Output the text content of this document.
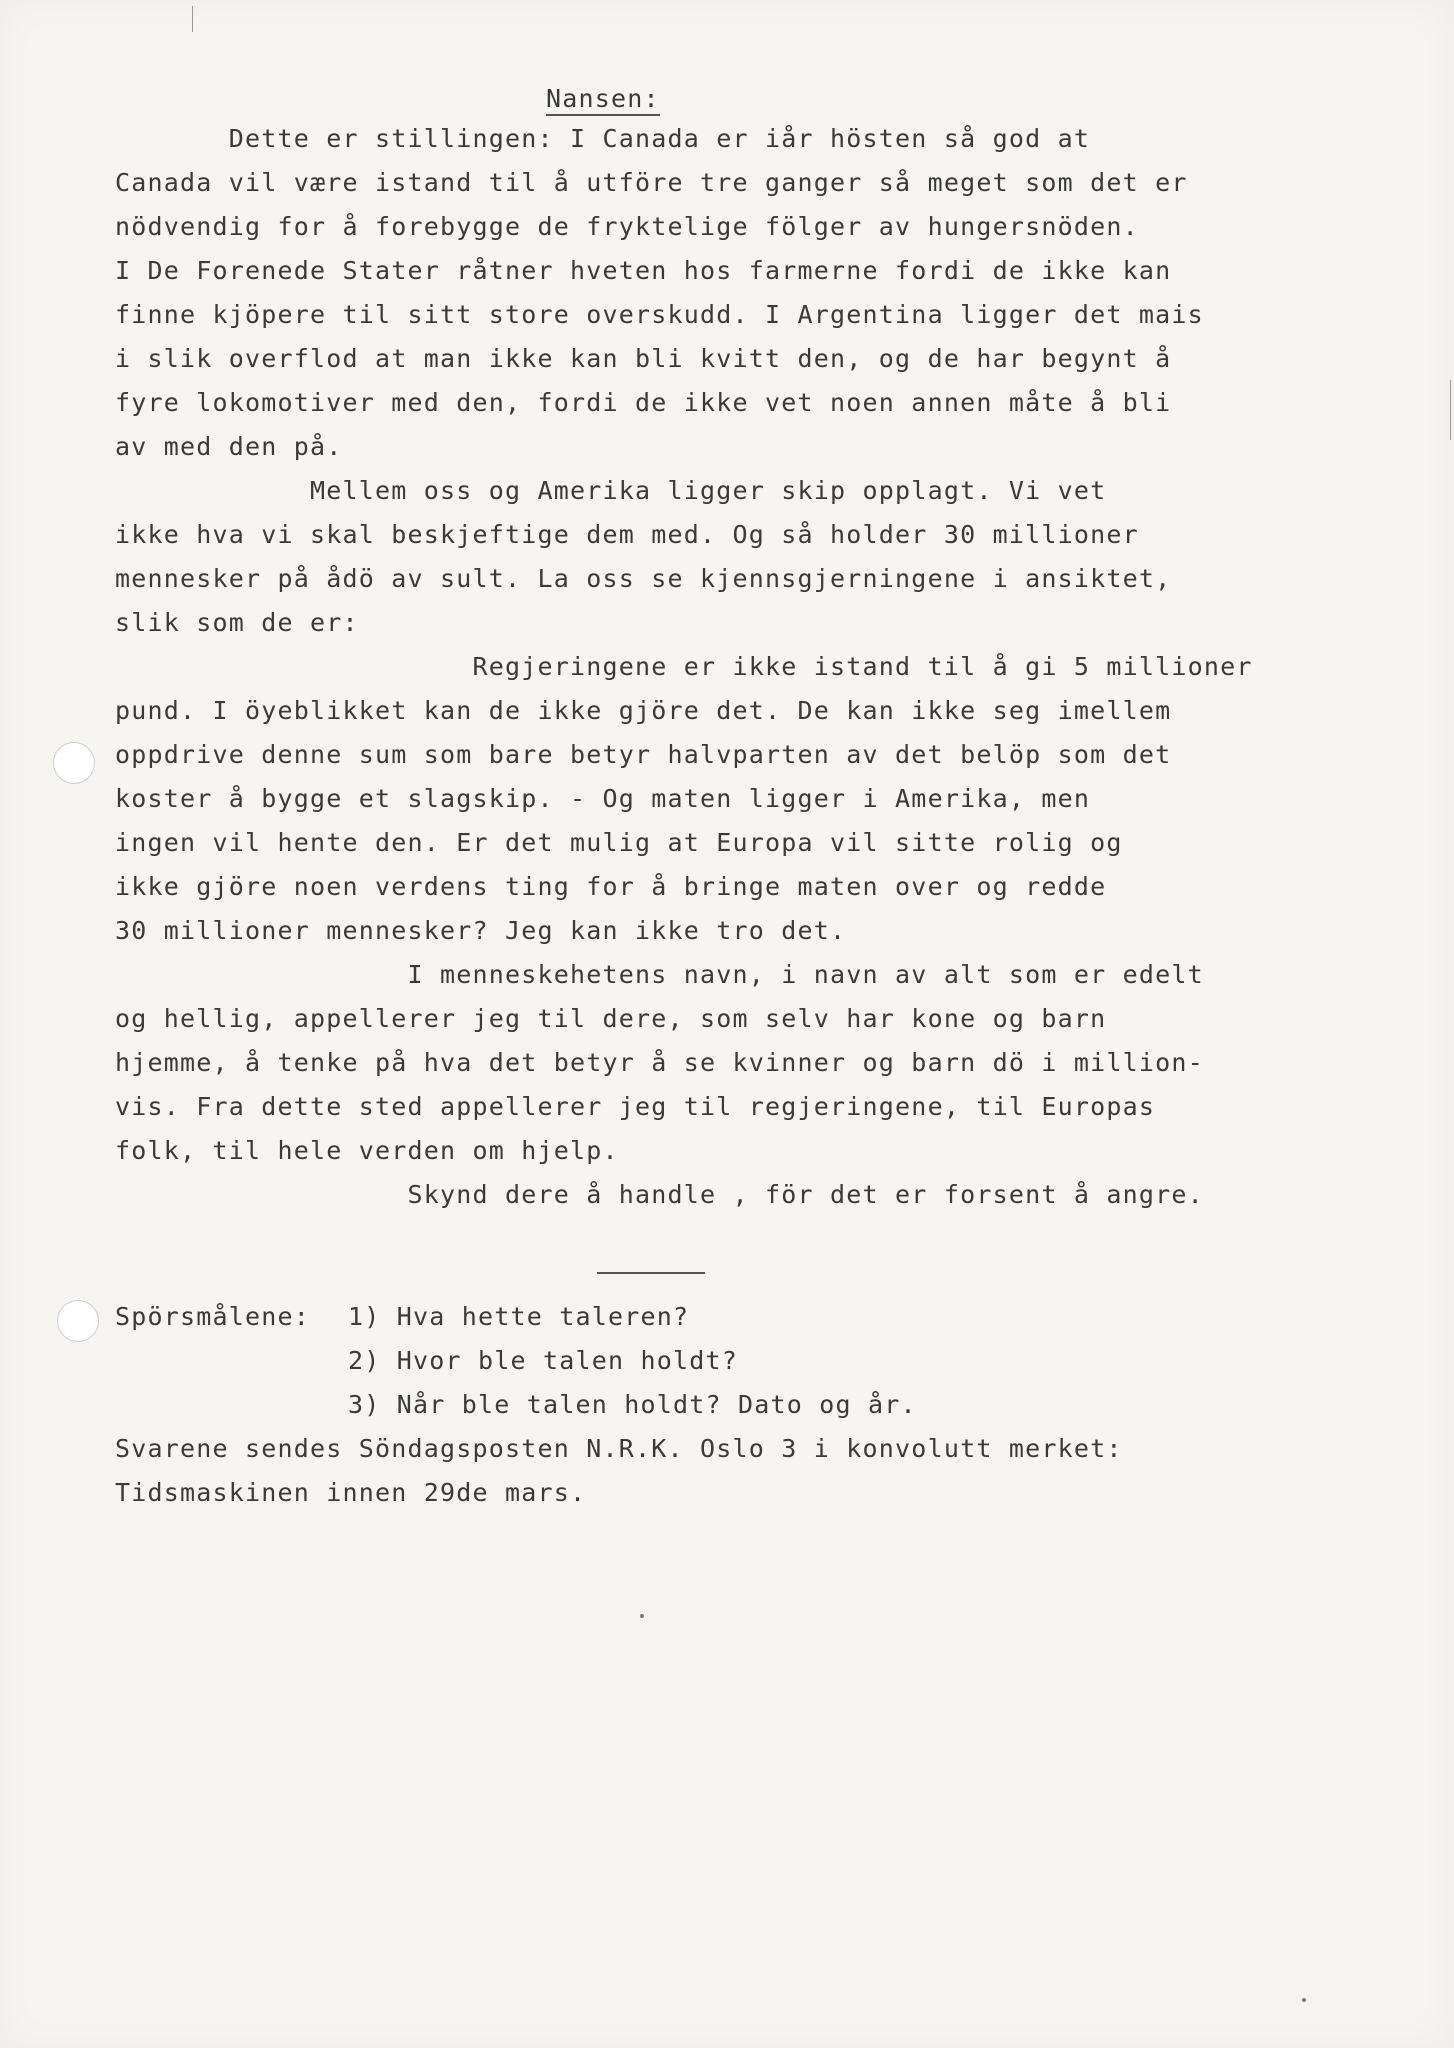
Nansen:
Dette er stillingen: I Canada er iår hösten så god at
Canada vil være istand til å utföre tre ganger så meget som det er
nödvendig for å forebygge de fryktelige fölger av hungersnöden.
I De Forenede Stater råtner hveten hos farmerne fordi de ikke kan
finne kjöpere til sitt store overskudd. I Argentina ligger det mais
i slik overflod at man ikke kan bli kvitt den, og de har begynt å
fyre lokomotiver med den, fordi de ikke vet noen annen måte å bli
av med den på.
Mellem oss og Amerika ligger skip opplagt. Vi vet
ikke hva vi skal beskjeftige dem med. Og så holder 30 millioner
mennesker på ådö av sult. La oss se kjennsgjerningene i ansiktet,
slik som de er:
Regjeringene er ikke istand til å gi 5 millioner
pund. I öyeblikket kan de ikke gjöre det. De kan ikke seg imellem
oppdrive denne sum som bare betyr halvparten av det belöp som det
koster å bygge et slagskip. - Og maten ligger i Amerika, men
ingen vil hente den. Er det mulig at Europa vil sitte rolig og
ikke gjöre noen verdens ting for å bringe maten over og redde
30 millioner mennesker? Jeg kan ikke tro det.
I menneskehetens navn, i navn av alt som er edelt
og hellig, appellerer jeg til dere, som selv har kone og barn
hjemme, å tenke på hva det betyr å se kvinner og barn dö i million-
vis. Fra dette sted appellerer jeg til regjeringene, til Europas
folk, til hele verden om hjelp.
Skynd dere å handle , för det er forsent å angre.
Spörsmålene: 1) Hva hette taleren?
2) Hvor ble talen holdt?
3) Når ble talen holdt? Dato og år.
Svarene sendes Söndagsposten N.R.K. Oslo 3 i konvolutt merket:
Tidsmaskinen innen 29de mars.
